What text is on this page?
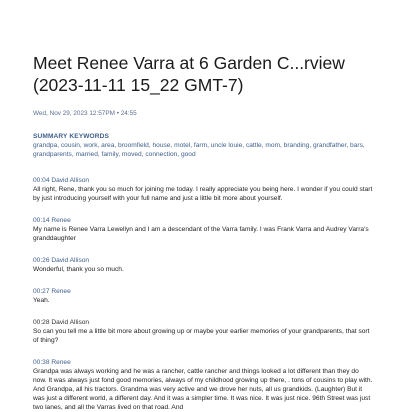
Meet Renee Varra at 6 Garden C...rview (2023-11-11 15_22 GMT-7)
Wed, Nov 29, 2023 12:57PM • 24:55
SUMMARY KEYWORDS
grandpa, cousin, work, area, broomfield, house, motel, farm, uncle louie, cattle, mom, branding, grandfather, bars, grandparents, married, family, moved, connection, good
00:04 David Allison
All right, Rene, thank you so much for joining me today. I really appreciate you being here. I wonder if you could start by just introducing yourself with your full name and just a little bit more about yourself.
00:14 Renee
My name is Renee Varra Lewellyn and I am a descendant of the Varra family. I was Frank Varra and Audrey Varra's granddaughter
00:26 David Allison
Wonderful, thank you so much.
00:27 Renee
Yeah.
00:28 David Allison
So can you tell me a little bit more about growing up or maybe your earlier memories of your grandparents, that sort of thing?
00:38 Renee
Grandpa was always working and he was a rancher, cattle rancher and things looked a lot different than they do now. It was always just fond good memories, always of my childhood growing up there, . tons of cousins to play with. And Grandpa, all his tractors. Grandma was very active and we drove her nuts, all us grandkids. (Laughter) But it was just a different world, a different day. And it was a simpler time. It was nice. It was just nice. 96th Street was just two lanes, and all the Varras lived on that road. And
